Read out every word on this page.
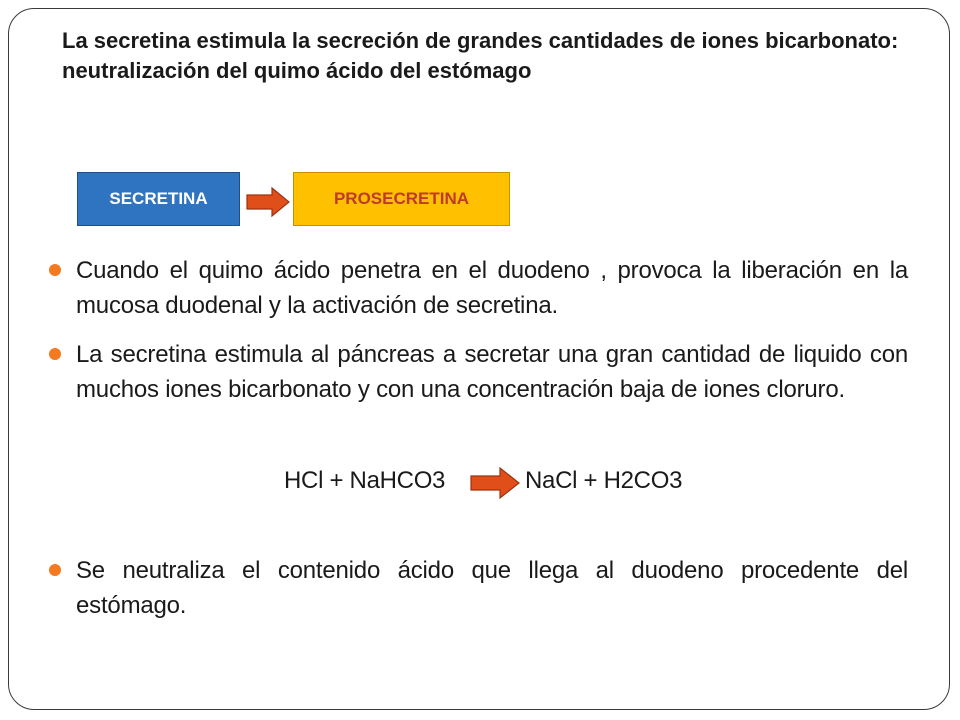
La secretina estimula la secreción de grandes cantidades de iones bicarbonato: neutralización del quimo ácido del estómago
SECRETINA	PROSECRETINA

Cuando el quimo ácido penetra en el duodeno , provoca la liberación en la mucosa duodenal y la activación de secretina.

La secretina estimula al páncreas a secretar una gran cantidad de liquido con muchos iones bicarbonato y con una concentración baja de iones cloruro.

HCl + NaHCO3 → NaCl + H2CO3

Se neutraliza el contenido ácido que llega al duodeno procedente del estómago.
